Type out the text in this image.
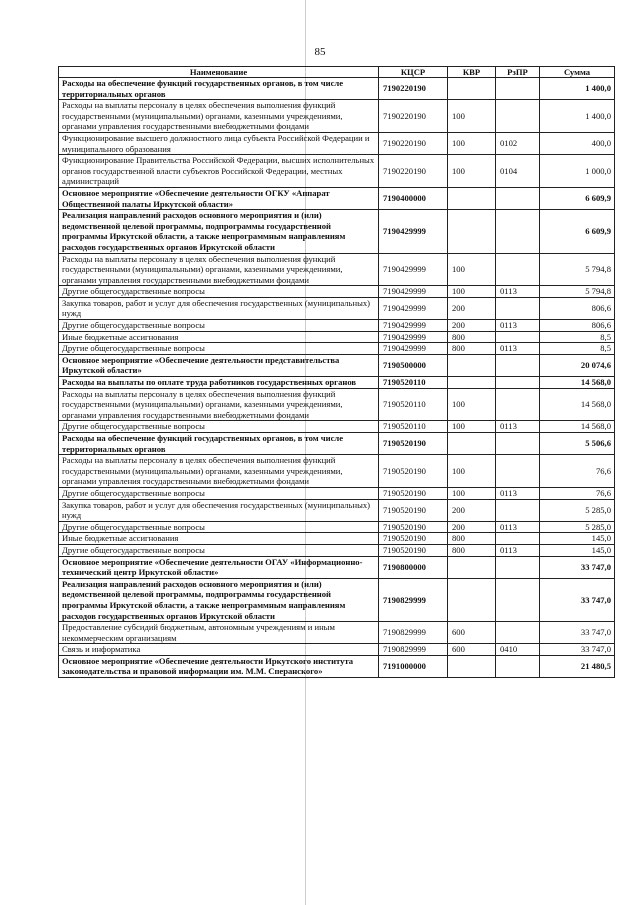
85
Наименование	КЦСР	КВР	РзПР	Сумма
Расходы на обеспечение функций государственных органов, в том числе территориальных органов	7190220190			1 400,0
Расходы на выплаты персоналу в целях обеспечения выполнения функций государственными (муниципальными) органами, казенными учреждениями, органами управления государственными внебюджетными фондами	7190220190	100		1 400,0
Функционирование высшего должностного лица субъекта Российской Федерации и муниципального образования	7190220190	100	0102	400,0
Функционирование Правительства Российской Федерации, высших исполнительных органов государственной власти субъектов Российской Федерации, местных администраций	7190220190	100	0104	1 000,0
Основное мероприятие «Обеспечение деятельности ОГКУ «Аппарат Общественной палаты Иркутской области»	7190400000			6 609,9
Реализация направлений расходов основного мероприятия и (или) ведомственной целевой программы, подпрограммы государственной программы Иркутской области, а также непрограммным направлениям расходов государственных органов Иркутской области	7190429999			6 609,9
Расходы на выплаты персоналу в целях обеспечения выполнения функций государственными (муниципальными) органами, казенными учреждениями, органами управления государственными внебюджетными фондами	7190429999	100		5 794,8
Другие общегосударственные вопросы	7190429999	100	0113	5 794,8
Закупка товаров, работ и услуг для обеспечения государственных (муниципальных) нужд	7190429999	200		806,6
Другие общегосударственные вопросы	7190429999	200	0113	806,6
Иные бюджетные ассигнования	7190429999	800		8,5
Другие общегосударственные вопросы	7190429999	800	0113	8,5
Основное мероприятие «Обеспечение деятельности представительства Иркутской области»	7190500000			20 074,6
Расходы на выплаты по оплате труда работников государственных органов	7190520110			14 568,0
Расходы на выплаты персоналу в целях обеспечения выполнения функций государственными (муниципальными) органами, казенными учреждениями, органами управления государственными внебюджетными фондами	7190520110	100		14 568,0
Другие общегосударственные вопросы	7190520110	100	0113	14 568,0
Расходы на обеспечение функций государственных органов, в том числе территориальных органов	7190520190			5 506,6
Расходы на выплаты персоналу в целях обеспечения выполнения функций государственными (муниципальными) органами, казенными учреждениями, органами управления государственными внебюджетными фондами	7190520190	100		76,6
Другие общегосударственные вопросы	7190520190	100	0113	76,6
Закупка товаров, работ и услуг для обеспечения государственных (муниципальных) нужд	7190520190	200		5 285,0
Другие общегосударственные вопросы	7190520190	200	0113	5 285,0
Иные бюджетные ассигнования	7190520190	800		145,0
Другие общегосударственные вопросы	7190520190	800	0113	145,0
Основное мероприятие «Обеспечение деятельности ОГАУ «Информационно-технический центр Иркутской области»	7190800000			33 747,0
Реализация направлений расходов основного мероприятия и (или) ведомственной целевой программы, подпрограммы государственной программы Иркутской области, а также непрограммным направлениям расходов государственных органов Иркутской области	7190829999			33 747,0
Предоставление субсидий бюджетным, автономным учреждениям и иным некоммерческим организациям	7190829999	600		33 747,0
Связь и информатика	7190829999	600	0410	33 747,0
Основное мероприятие «Обеспечение деятельности Иркутского института законодательства и правовой информации им. М.М. Сперанского»	7191000000			21 480,5
